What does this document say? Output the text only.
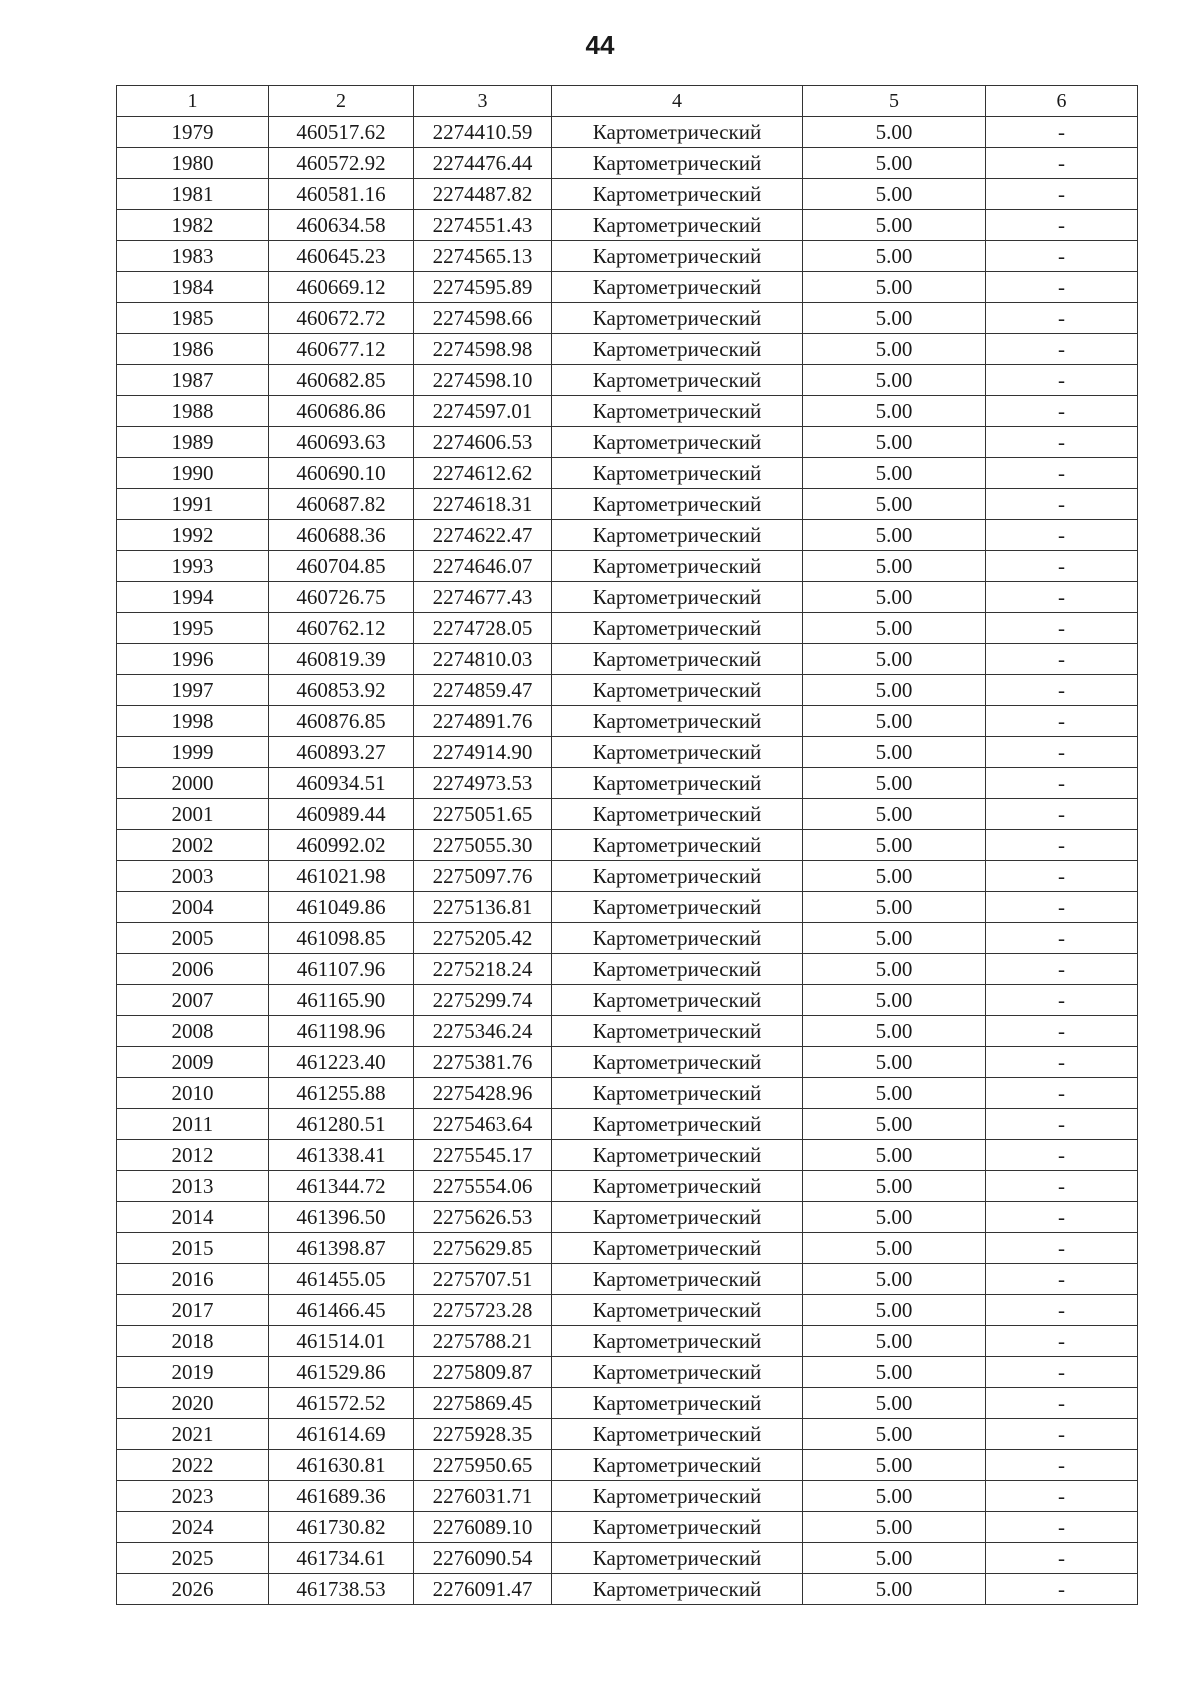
44
1	2	3	4	5	6
1979	460517.62	2274410.59	Картометрический	5.00	-
1980	460572.92	2274476.44	Картометрический	5.00	-
1981	460581.16	2274487.82	Картометрический	5.00	-
1982	460634.58	2274551.43	Картометрический	5.00	-
1983	460645.23	2274565.13	Картометрический	5.00	-
1984	460669.12	2274595.89	Картометрический	5.00	-
1985	460672.72	2274598.66	Картометрический	5.00	-
1986	460677.12	2274598.98	Картометрический	5.00	-
1987	460682.85	2274598.10	Картометрический	5.00	-
1988	460686.86	2274597.01	Картометрический	5.00	-
1989	460693.63	2274606.53	Картометрический	5.00	-
1990	460690.10	2274612.62	Картометрический	5.00	-
1991	460687.82	2274618.31	Картометрический	5.00	-
1992	460688.36	2274622.47	Картометрический	5.00	-
1993	460704.85	2274646.07	Картометрический	5.00	-
1994	460726.75	2274677.43	Картометрический	5.00	-
1995	460762.12	2274728.05	Картометрический	5.00	-
1996	460819.39	2274810.03	Картометрический	5.00	-
1997	460853.92	2274859.47	Картометрический	5.00	-
1998	460876.85	2274891.76	Картометрический	5.00	-
1999	460893.27	2274914.90	Картометрический	5.00	-
2000	460934.51	2274973.53	Картометрический	5.00	-
2001	460989.44	2275051.65	Картометрический	5.00	-
2002	460992.02	2275055.30	Картометрический	5.00	-
2003	461021.98	2275097.76	Картометрический	5.00	-
2004	461049.86	2275136.81	Картометрический	5.00	-
2005	461098.85	2275205.42	Картометрический	5.00	-
2006	461107.96	2275218.24	Картометрический	5.00	-
2007	461165.90	2275299.74	Картометрический	5.00	-
2008	461198.96	2275346.24	Картометрический	5.00	-
2009	461223.40	2275381.76	Картометрический	5.00	-
2010	461255.88	2275428.96	Картометрический	5.00	-
2011	461280.51	2275463.64	Картометрический	5.00	-
2012	461338.41	2275545.17	Картометрический	5.00	-
2013	461344.72	2275554.06	Картометрический	5.00	-
2014	461396.50	2275626.53	Картометрический	5.00	-
2015	461398.87	2275629.85	Картометрический	5.00	-
2016	461455.05	2275707.51	Картометрический	5.00	-
2017	461466.45	2275723.28	Картометрический	5.00	-
2018	461514.01	2275788.21	Картометрический	5.00	-
2019	461529.86	2275809.87	Картометрический	5.00	-
2020	461572.52	2275869.45	Картометрический	5.00	-
2021	461614.69	2275928.35	Картометрический	5.00	-
2022	461630.81	2275950.65	Картометрический	5.00	-
2023	461689.36	2276031.71	Картометрический	5.00	-
2024	461730.82	2276089.10	Картометрический	5.00	-
2025	461734.61	2276090.54	Картометрический	5.00	-
2026	461738.53	2276091.47	Картометрический	5.00	-
